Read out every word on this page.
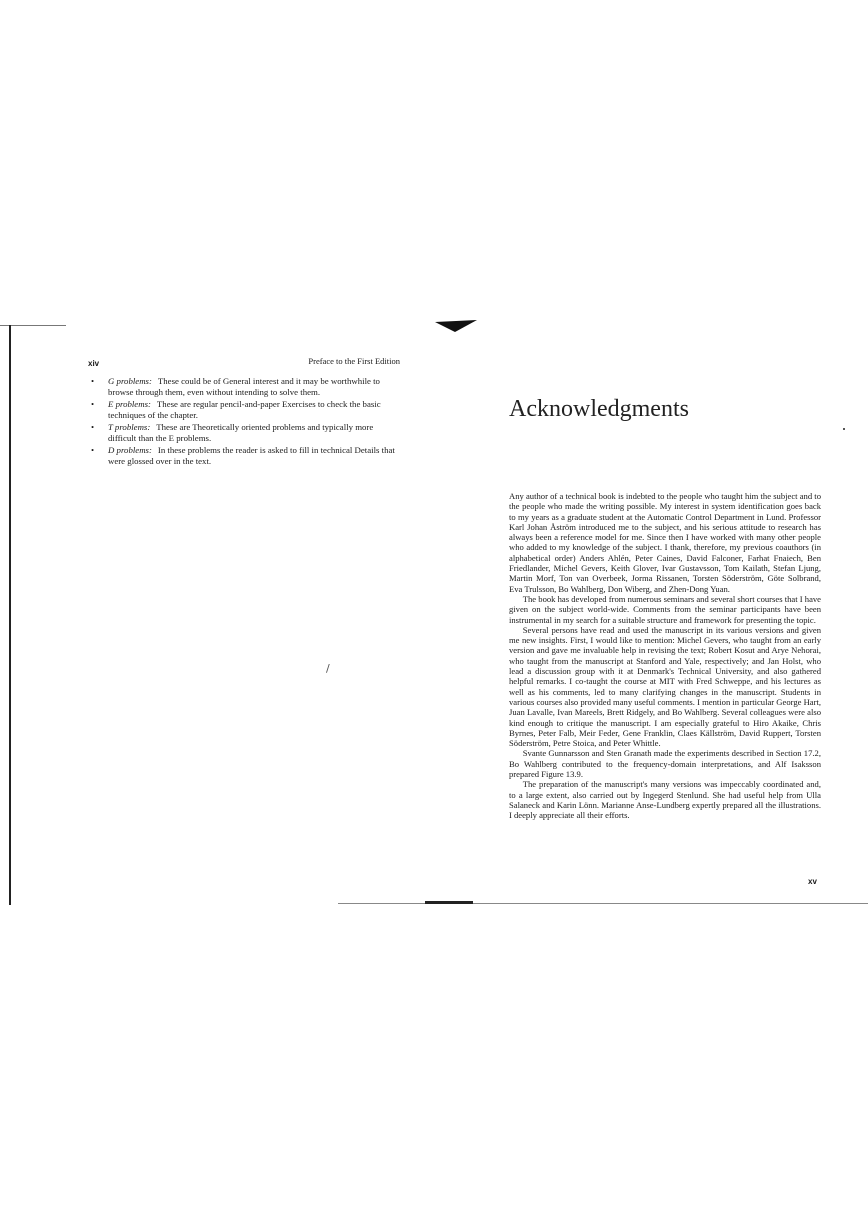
/
xiv	Preface to the First Edition
• G problems: These could be of General interest and it may be worthwhile to browse through them, even without intending to solve them.
• E problems: These are regular pencil-and-paper Exercises to check the basic techniques of the chapter.
• T problems: These are Theoretically oriented problems and typically more difficult than the E problems.
• D problems: In these problems the reader is asked to fill in technical Details that were glossed over in the text.
Acknowledgments

Any author of a technical book is indebted to the people who taught him the subject and to the people who made the writing possible. My interest in system identification goes back to my years as a graduate student at the Automatic Control Department in Lund. Professor Karl Johan Åström introduced me to the subject, and his serious attitude to research has always been a reference model for me. Since then I have worked with many other people who added to my knowledge of the subject. I thank, therefore, my previous coauthors (in alphabetical order) Anders Ahlén, Peter Caines, David Falconer, Farhat Fnaiech, Ben Friedlander, Michel Gevers, Keith Glover, Ivar Gustavsson, Tom Kailath, Stefan Ljung, Martin Morf, Ton van Overbeek, Jorma Rissanen, Torsten Söderström, Göte Solbrand, Eva Trulsson, Bo Wahlberg, Don Wiberg, and Zhen-Dong Yuan.

The book has developed from numerous seminars and several short courses that I have given on the subject world-wide. Comments from the seminar participants have been instrumental in my search for a suitable structure and framework for presenting the topic.

Several persons have read and used the manuscript in its various versions and given me new insights. First, I would like to mention: Michel Gevers, who taught from an early version and gave me invaluable help in revising the text; Robert Kosut and Arye Nehorai, who taught from the manuscript at Stanford and Yale, respectively; and Jan Holst, who lead a discussion group with it at Denmark's Technical University, and also gathered helpful remarks. I co-taught the course at MIT with Fred Schweppe, and his lectures as well as his comments, led to many clarifying changes in the manuscript. Students in various courses also provided many useful comments. I mention in particular George Hart, Juan Lavalle, Ivan Mareels, Brett Ridgely, and Bo Wahlberg. Several colleagues were also kind enough to critique the manuscript. I am especially grateful to Hiro Akaike, Chris Byrnes, Peter Falb, Meir Feder, Gene Franklin, Claes Källström, David Ruppert, Torsten Söderström, Petre Stoica, and Peter Whittle.

Svante Gunnarsson and Sten Granath made the experiments described in Section 17.2, Bo Wahlberg contributed to the frequency-domain interpretations, and Alf Isaksson prepared Figure 13.9.

The preparation of the manuscript's many versions was impeccably coordinated and, to a large extent, also carried out by Ingegerd Stenlund. She had useful help from Ulla Salaneck and Karin Lönn. Marianne Anse-Lundberg expertly prepared all the illustrations. I deeply appreciate all their efforts.

xv
